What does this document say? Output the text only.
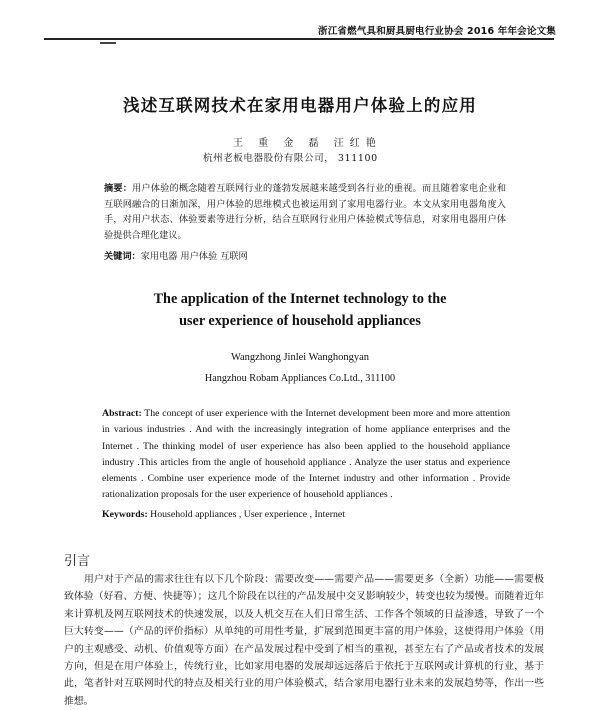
浙江省燃气具和厨具厨电行业协会 2016 年年会论文集
浅述互联网技术在家用电器用户体验上的应用
王 重 金 磊 汪红艳
杭州老板电器股份有限公司， 311100
摘要：用户体验的概念随着互联网行业的蓬勃发展越来越受到各行业的重视。而且随着家电企业和互联网融合的日渐加深，用户体验的思维模式也被运用到了家用电器行业。本文从家用电器角度入手，对用户状态、体验要素等进行分析，结合互联网行业用户体验模式等信息，对家用电器用户体验提供合理化建议。
关键词：家用电器 用户体验 互联网
The application of the Internet technology to the
user experience of household appliances
Wangzhong Jinlei Wanghongyan
Hangzhou Robam Appliances Co.Ltd., 311100
Abstract: The concept of user experience with the Internet development been more and more attention in various industries . And with the increasingly integration of home appliance enterprises and the Internet . The thinking model of user experience has also been applied to the household appliance industry .This articles from the angle of household appliance . Analyze the user status and experience elements . Combine user experience mode of the Internet industry and other information . Provide rationalization proposals for the user experience of household appliances .
Keywords: Household appliances , User experience , Internet
引言
用户对于产品的需求往往有以下几个阶段：需要改变——需要产品——需要更多（全新）功能——需要极致体验（好看、方便、快捷等）；这几个阶段在以往的产品发展中交叉影响较少，转变也较为缓慢。而随着近年来计算机及网互联网技术的快速发展，以及人机交互在人们日常生活、工作各个领域的日益渗透，导致了一个巨大转变——（产品的评价指标）从单纯的可用性考量，扩展到范围更丰富的用户体验，这使得用户体验（用户的主观感受、动机、价值观等方面）在产品发展过程中受到了相当的重视，甚至左右了产品或者技术的发展方向，但是在用户体验上，传统行业，比如家用电器的发展却远远落后于依托于互联网或计算机的行业，基于此，笔者针对互联网时代的特点及相关行业的用户体验模式，结合家用电器行业未来的发展趋势等，作出一些推想。
